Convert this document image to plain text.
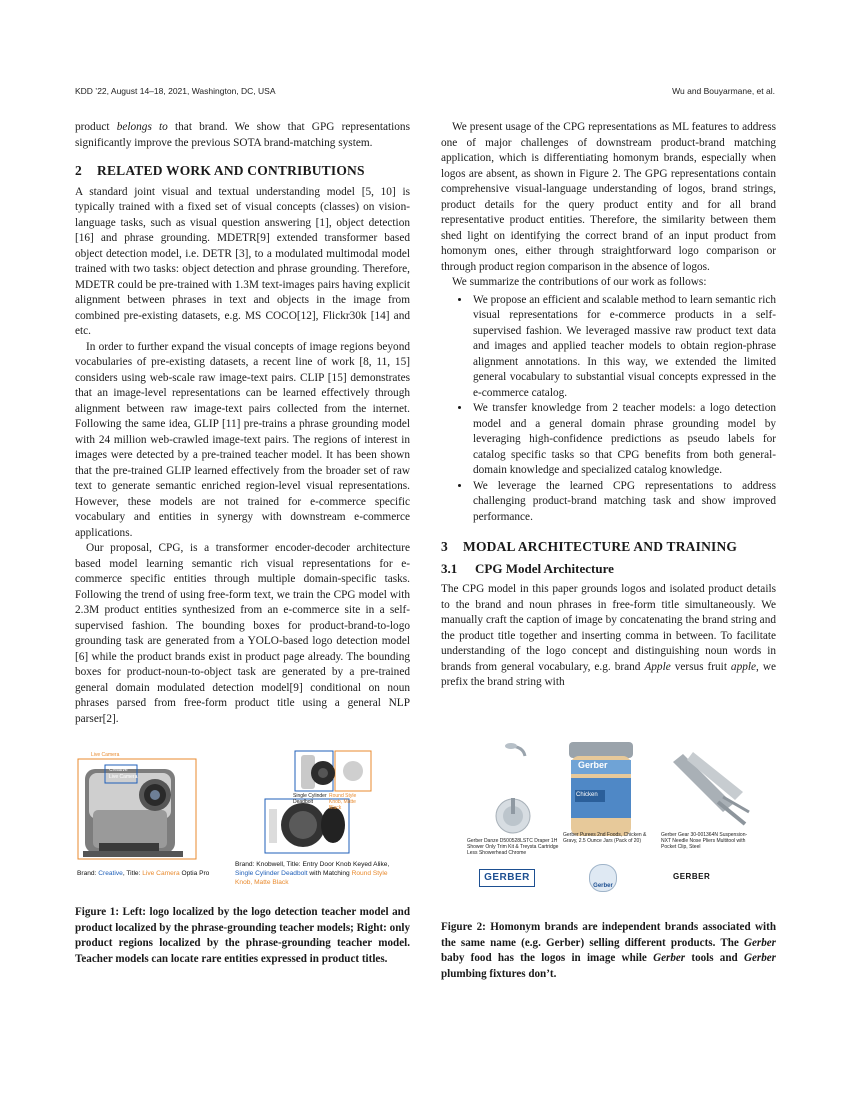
KDD ’22, August 14–18, 2021, Washington, DC, USA	Wu and Bouyarmane, et al.

product belongs to that brand. We show that GPG representations significantly improve the previous SOTA brand-matching system.

2 RELATED WORK AND CONTRIBUTIONS

A standard joint visual and textual understanding model [5, 10] is typically trained with a fixed set of visual concepts (classes) on vision-language tasks, such as visual question answering [1], object detection [16] and phrase grounding. MDETR[9] extended transformer based object detection model, i.e. DETR [3], to a modulated multimodal model trained with two tasks: object detection and phrase grounding. Therefore, MDETR could be pre-trained with 1.3M text-images pairs having explicit alignment between phrases in text and objects in the image from combined pre-existing datasets, e.g. MS COCO[12], Flickr30k [14] and etc.

In order to further expand the visual concepts of image regions beyond vocabularies of pre-existing datasets, a recent line of work [8, 11, 15] considers using web-scale raw image-text pairs. CLIP [15] demonstrates that an image-level representations can be learned effectively through alignment between raw image-text pairs collected from the internet. Following the same idea, GLIP [11] pre-trains a phrase grounding model with 24 million web-crawled image-text pairs. The regions of interest in images were detected by a pre-trained teacher model. It has been shown that the pre-trained GLIP learned effectively from the broader set of raw text to generate semantic enriched region-level visual representations. However, these models are not trained for e-commerce specific vocabulary and entities in synergy with downstream e-commerce applications.

Our proposal, CPG, is a transformer encoder-decoder architecture based model learning semantic rich visual representations for e-commerce specific entities through multiple domain-specific tasks. Following the trend of using free-form text, we train the CPG model with 2.3M product entities synthesized from an e-commerce site in a self-supervised fashion. The bounding boxes for product-brand-to-logo grounding task are generated from a YOLO-based logo detection model [6] while the product brands exist in product page already. The bounding boxes for product-noun-to-object task are generated by a pre-trained general domain modulated detection model[9] conditional on noun phrases parsed from free-form product title using a general NLP parser[2].

We present usage of the CPG representations as ML features to address one of major challenges of downstream product-brand matching application, which is differentiating homonym brands, especially when logos are absent, as shown in Figure 2. The GPG representations contain comprehensive visual-language understanding of logos, brand strings, product details for the query product entity and for all brand representative product entities. Therefore, the similarity between them shed light on identifying the correct brand of an input product from homonym ones, either through straightforward logo comparison or through product region comparison in the absence of logos.

We summarize the contributions of our work as follows:

• We propose an efficient and scalable method to learn semantic rich visual representations for e-commerce products in a self-supervised fashion. We leveraged massive raw product text data and images and applied teacher models to obtain region-phrase alignment annotations. In this way, we extended the limited general vocabulary to substantial visual concepts expressed in the e-commerce catalog.
• We transfer knowledge from 2 teacher models: a logo detection model and a general domain phrase grounding model by leveraging high-confidence predictions as pseudo labels for catalog specific tasks so that CPG benefits from both general-domain knowledge and specialized catalog knowledge.
• We leverage the learned CPG representations to address challenging product-brand matching task and show improved performance.
3 MODAL ARCHITECTURE AND TRAINING
3.1 CPG Model Architecture

The CPG model in this paper grounds logos and isolated product details to the brand and noun phrases in free-form title simultaneously. We manually craft the caption of image by concatenating the brand string and the product title together and inserting comma in between. To facilitate understanding of the logo concept and distinguishing noun words in brands from general vocabulary, e.g. brand Apple versus fruit apple, we prefix the brand string with

Creative
Live Camera
Live Camera
Brand: Creative, Title: Live Camera Optia Pro
Single Cylinder Deadbolt
Round Style Knob, Matte Black
Brand: Knobwell, Title: Entry Door Knob Keyed Alike,
Single Cylinder Deadbolt with Matching Round Style
Knob, Matte Black
Figure 1: Left: logo localized by the logo detection teacher model and product localized by the phrase-grounding teacher models; Right: only product regions localized by the phrase-grounding teacher model. Teacher models can locate rare entities expressed in product titles.
Gerber
Chicken
Gerber Danze D500528LSTC Draper 1H Shower Only Trim Kit & Treysta Cartridge Less Showerhead Chrome
Gerber Purees 2nd Foods, Chicken & Gravy, 2.5 Ounce Jars (Pack of 20)
Gerber Gear 30-001364N Suspension-NXT Needle Nose Pliers Multitool with Pocket Clip, Steel
GERBER
Gerber
GERBER
Figure 2: Homonym brands are independent brands associated with the same name (e.g. Gerber) selling different products. The Gerber baby food has the logos in image while Gerber tools and Gerber plumbing fixtures don’t.
